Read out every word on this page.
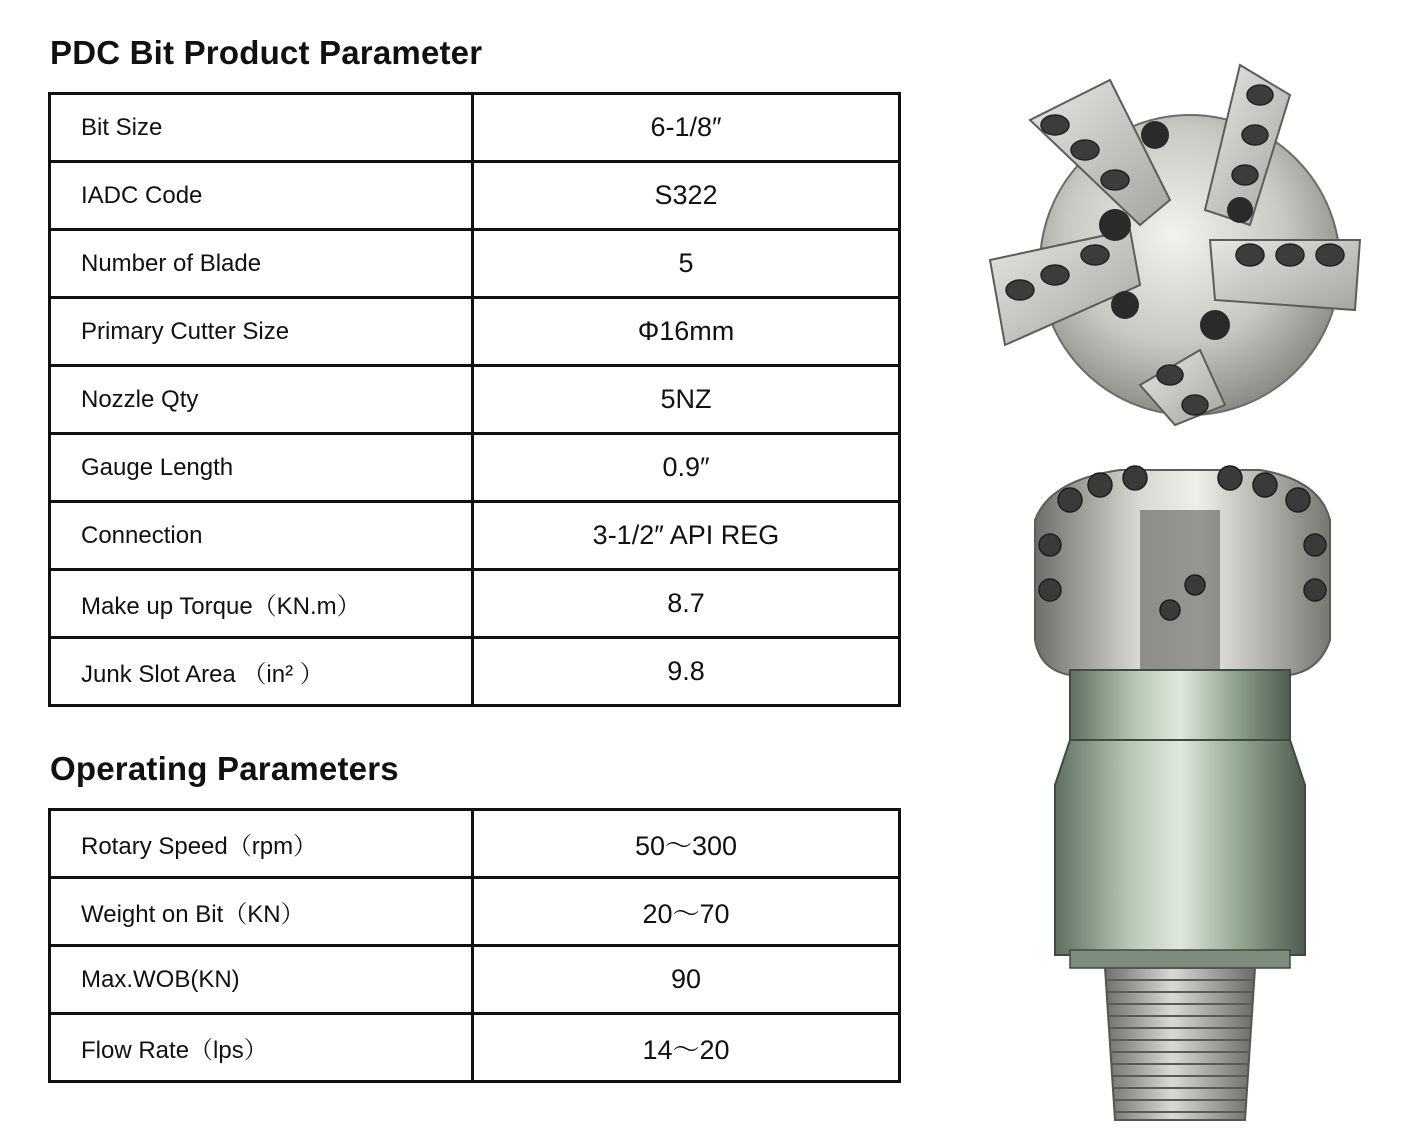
PDC Bit Product Parameter
Bit Size	6-1/8″
IADC Code	S322
Number of Blade	5
Primary Cutter Size	Φ16mm
Nozzle Qty	5NZ
Gauge Length	0.9″
Connection	3-1/2″ API REG
Make up Torque（KN.m）	8.7
Junk Slot Area （in² ）	9.8
Operating Parameters
Rotary Speed（rpm）	50～300
Weight on Bit（KN）	20～70
Max.WOB(KN)	90
Flow Rate（lps）	14～20
